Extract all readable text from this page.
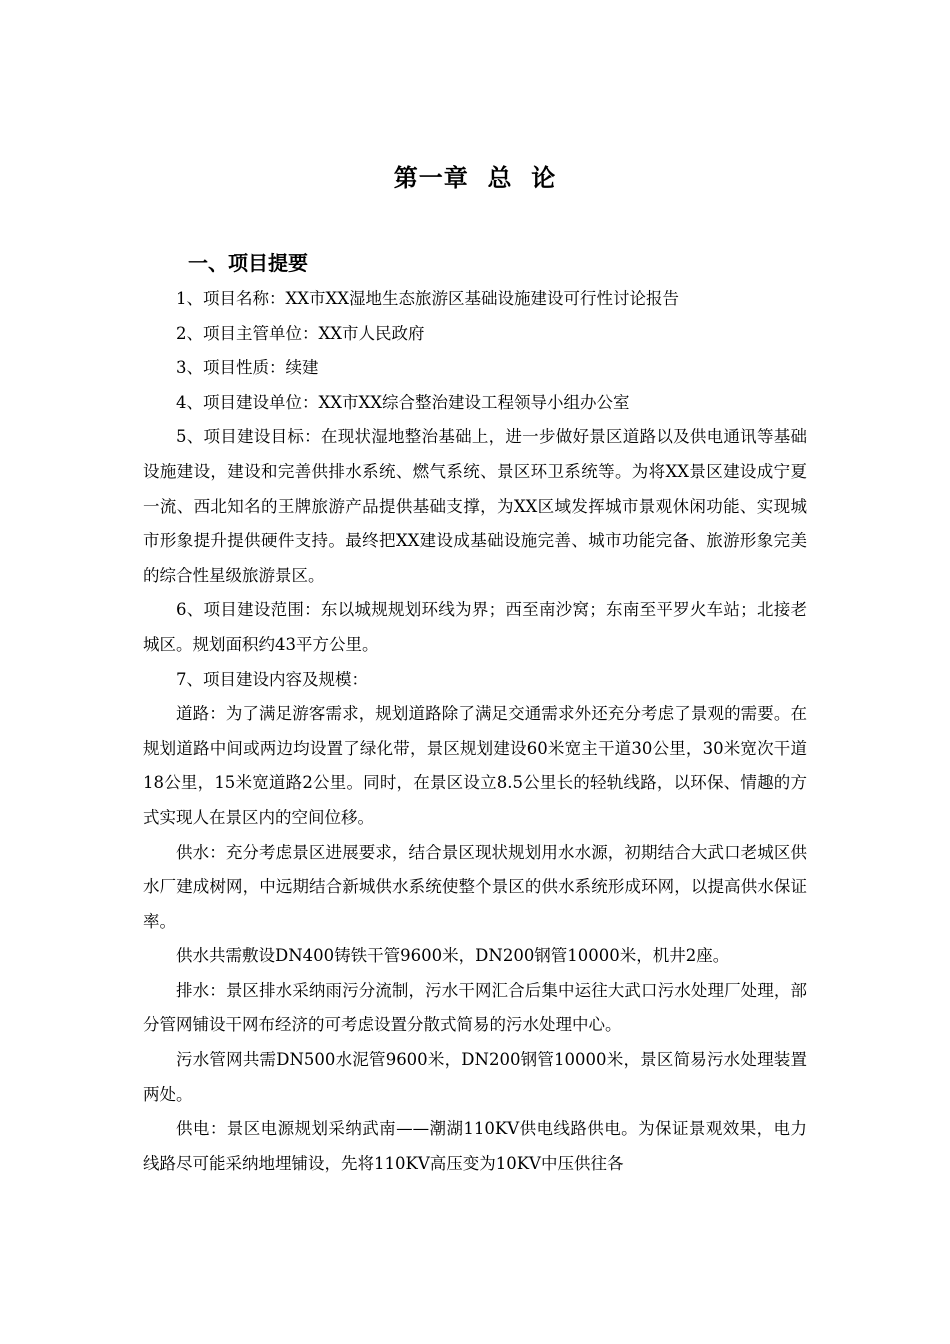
第一章  总  论
一、项目提要

1、项目名称：XX市XX湿地生态旅游区基础设施建设可行性讨论报告

2、项目主管单位：XX市人民政府

3、项目性质：续建

4、项目建设单位：XX市XX综合整治建设工程领导小组办公室

5、项目建设目标：在现状湿地整治基础上，进一步做好景区道路以及供电通讯等基础设施建设，建设和完善供排水系统、燃气系统、景区环卫系统等。为将XX景区建设成宁夏一流、西北知名的王牌旅游产品提供基础支撑，为XX区域发挥城市景观休闲功能、实现城市形象提升提供硬件支持。最终把XX建设成基础设施完善、城市功能完备、旅游形象完美的综合性星级旅游景区。

6、项目建设范围：东以城规规划环线为界；西至南沙窝；东南至平罗火车站；北接老城区。规划面积约43平方公里。

7、项目建设内容及规模：

道路：为了满足游客需求，规划道路除了满足交通需求外还充分考虑了景观的需要。在规划道路中间或两边均设置了绿化带，景区规划建设60米宽主干道30公里，30米宽次干道18公里，15米宽道路2公里。同时，在景区设立8.5公里长的轻轨线路，以环保、情趣的方式实现人在景区内的空间位移。

供水：充分考虑景区进展要求，结合景区现状规划用水水源，初期结合大武口老城区供水厂建成树网，中远期结合新城供水系统使整个景区的供水系统形成环网，以提高供水保证率。

供水共需敷设DN400铸铁干管9600米，DN200钢管10000米，机井2座。

排水：景区排水采纳雨污分流制，污水干网汇合后集中运往大武口污水处理厂处理，部分管网铺设干网布经济的可考虑设置分散式简易的污水处理中心。

污水管网共需DN500水泥管9600米，DN200钢管10000米，景区简易污水处理装置两处。

供电：景区电源规划采纳武南——潮湖110KV供电线路供电。为保证景观效果，电力线路尽可能采纳地埋铺设，先将110KV高压变为10KV中压供往各
